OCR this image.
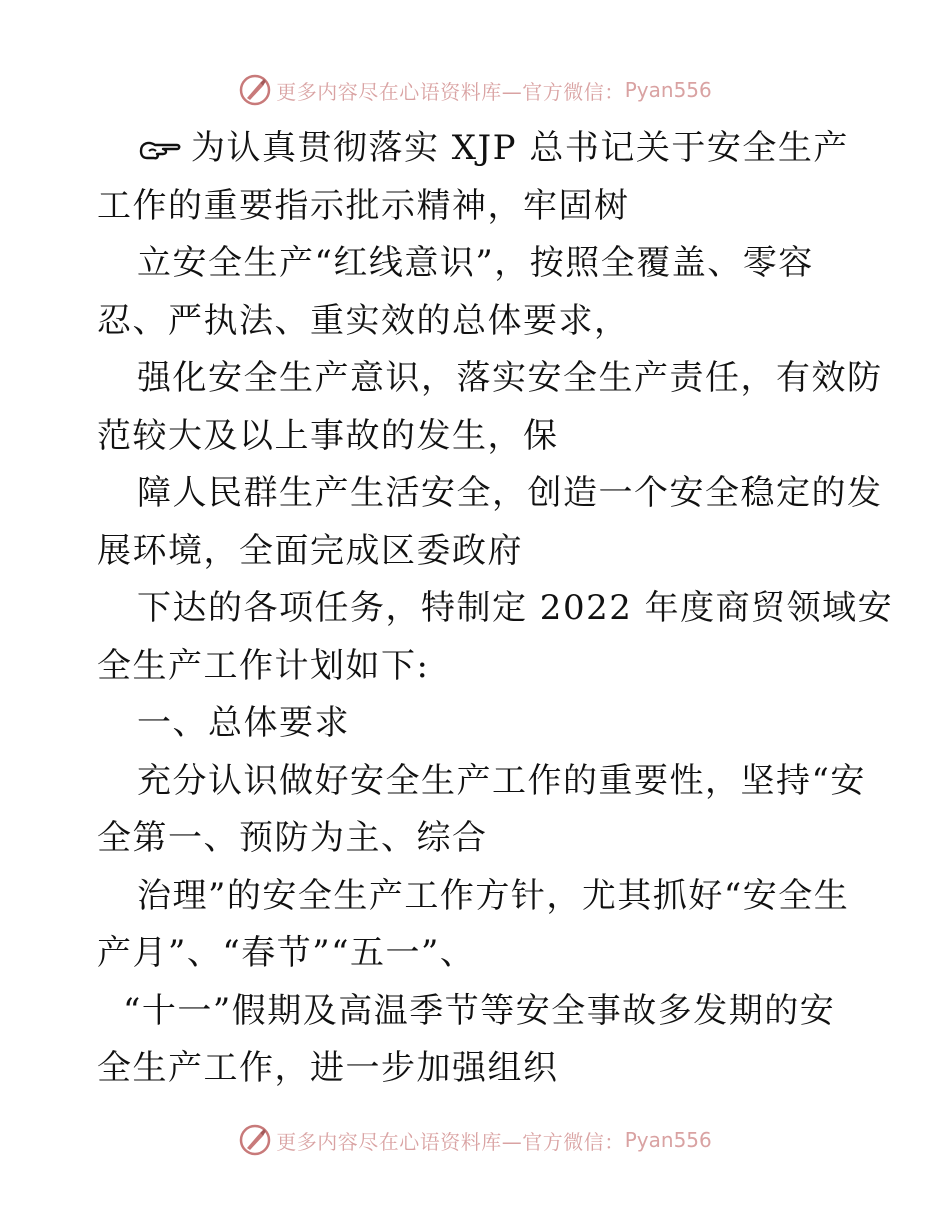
更多内容尽在心语资料库—官方微信： Pyan556
为认真贯彻落实 XJP 总书记关于安全生产
工作的重要指示批示精神，牢固树
立安全生产“红线意识”，按照全覆盖、零容
忍、严执法、重实效的总体要求，
强化安全生产意识，落实安全生产责任，有效防
范较大及以上事故的发生，保
障人民群生产生活安全，创造一个安全稳定的发
展环境，全面完成区委政府
下达的各项任务，特制定 2022 年度商贸领域安
全生产工作计划如下:
一、总体要求
充分认识做好安全生产工作的重要性，坚持“安
全第一、预防为主、综合
治理”的安全生产工作方针，尤其抓好“安全生
产月”、“春节”“五一”、
“十一”假期及高温季节等安全事故多发期的安
全生产工作，进一步加强组织
更多内容尽在心语资料库—官方微信： Pyan556
